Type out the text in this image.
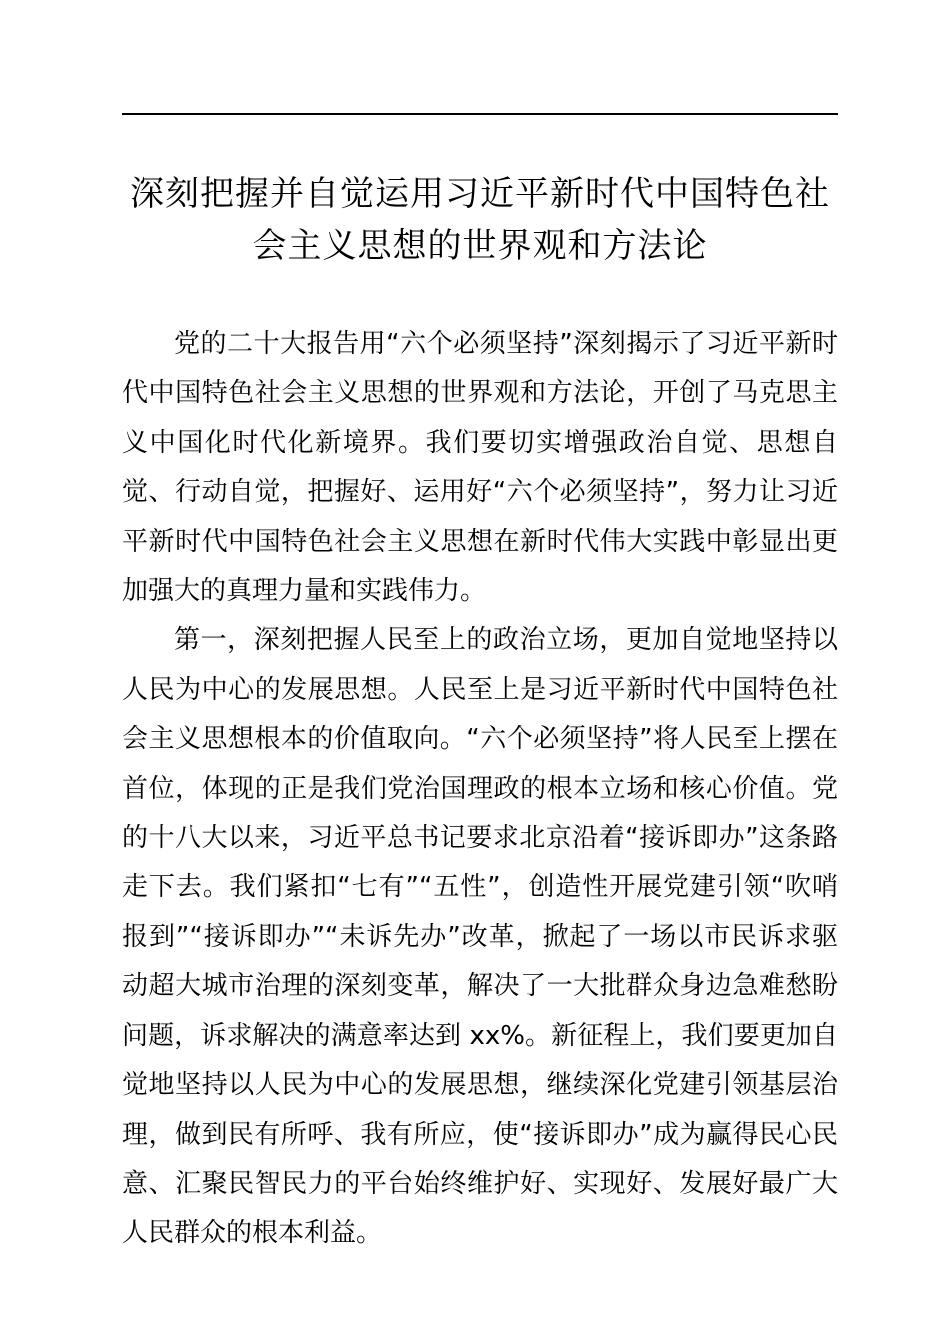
深刻把握并自觉运用习近平新时代中国特色社
会主义思想的世界观和方法论

党的二十大报告用“六个必须坚持”深刻揭示了习近平新时代中国特色社会主义思想的世界观和方法论，开创了马克思主义中国化时代化新境界。我们要切实增强政治自觉、思想自觉、行动自觉，把握好、运用好“六个必须坚持”，努力让习近平新时代中国特色社会主义思想在新时代伟大实践中彰显出更加强大的真理力量和实践伟力。

第一，深刻把握人民至上的政治立场，更加自觉地坚持以人民为中心的发展思想。人民至上是习近平新时代中国特色社会主义思想根本的价值取向。“六个必须坚持”将人民至上摆在首位，体现的正是我们党治国理政的根本立场和核心价值。党的十八大以来，习近平总书记要求北京沿着“接诉即办”这条路走下去。我们紧扣“七有”“五性”，创造性开展党建引领“吹哨报到”“接诉即办”“未诉先办”改革，掀起了一场以市民诉求驱动超大城市治理的深刻变革，解决了一大批群众身边急难愁盼问题，诉求解决的满意率达到 xx%。新征程上，我们要更加自觉地坚持以人民为中心的发展思想，继续深化党建引领基层治理，做到民有所呼、我有所应，使“接诉即办”成为赢得民心民意、汇聚民智民力的平台始终维护好、实现好、发展好最广大人民群众的根本利益。
